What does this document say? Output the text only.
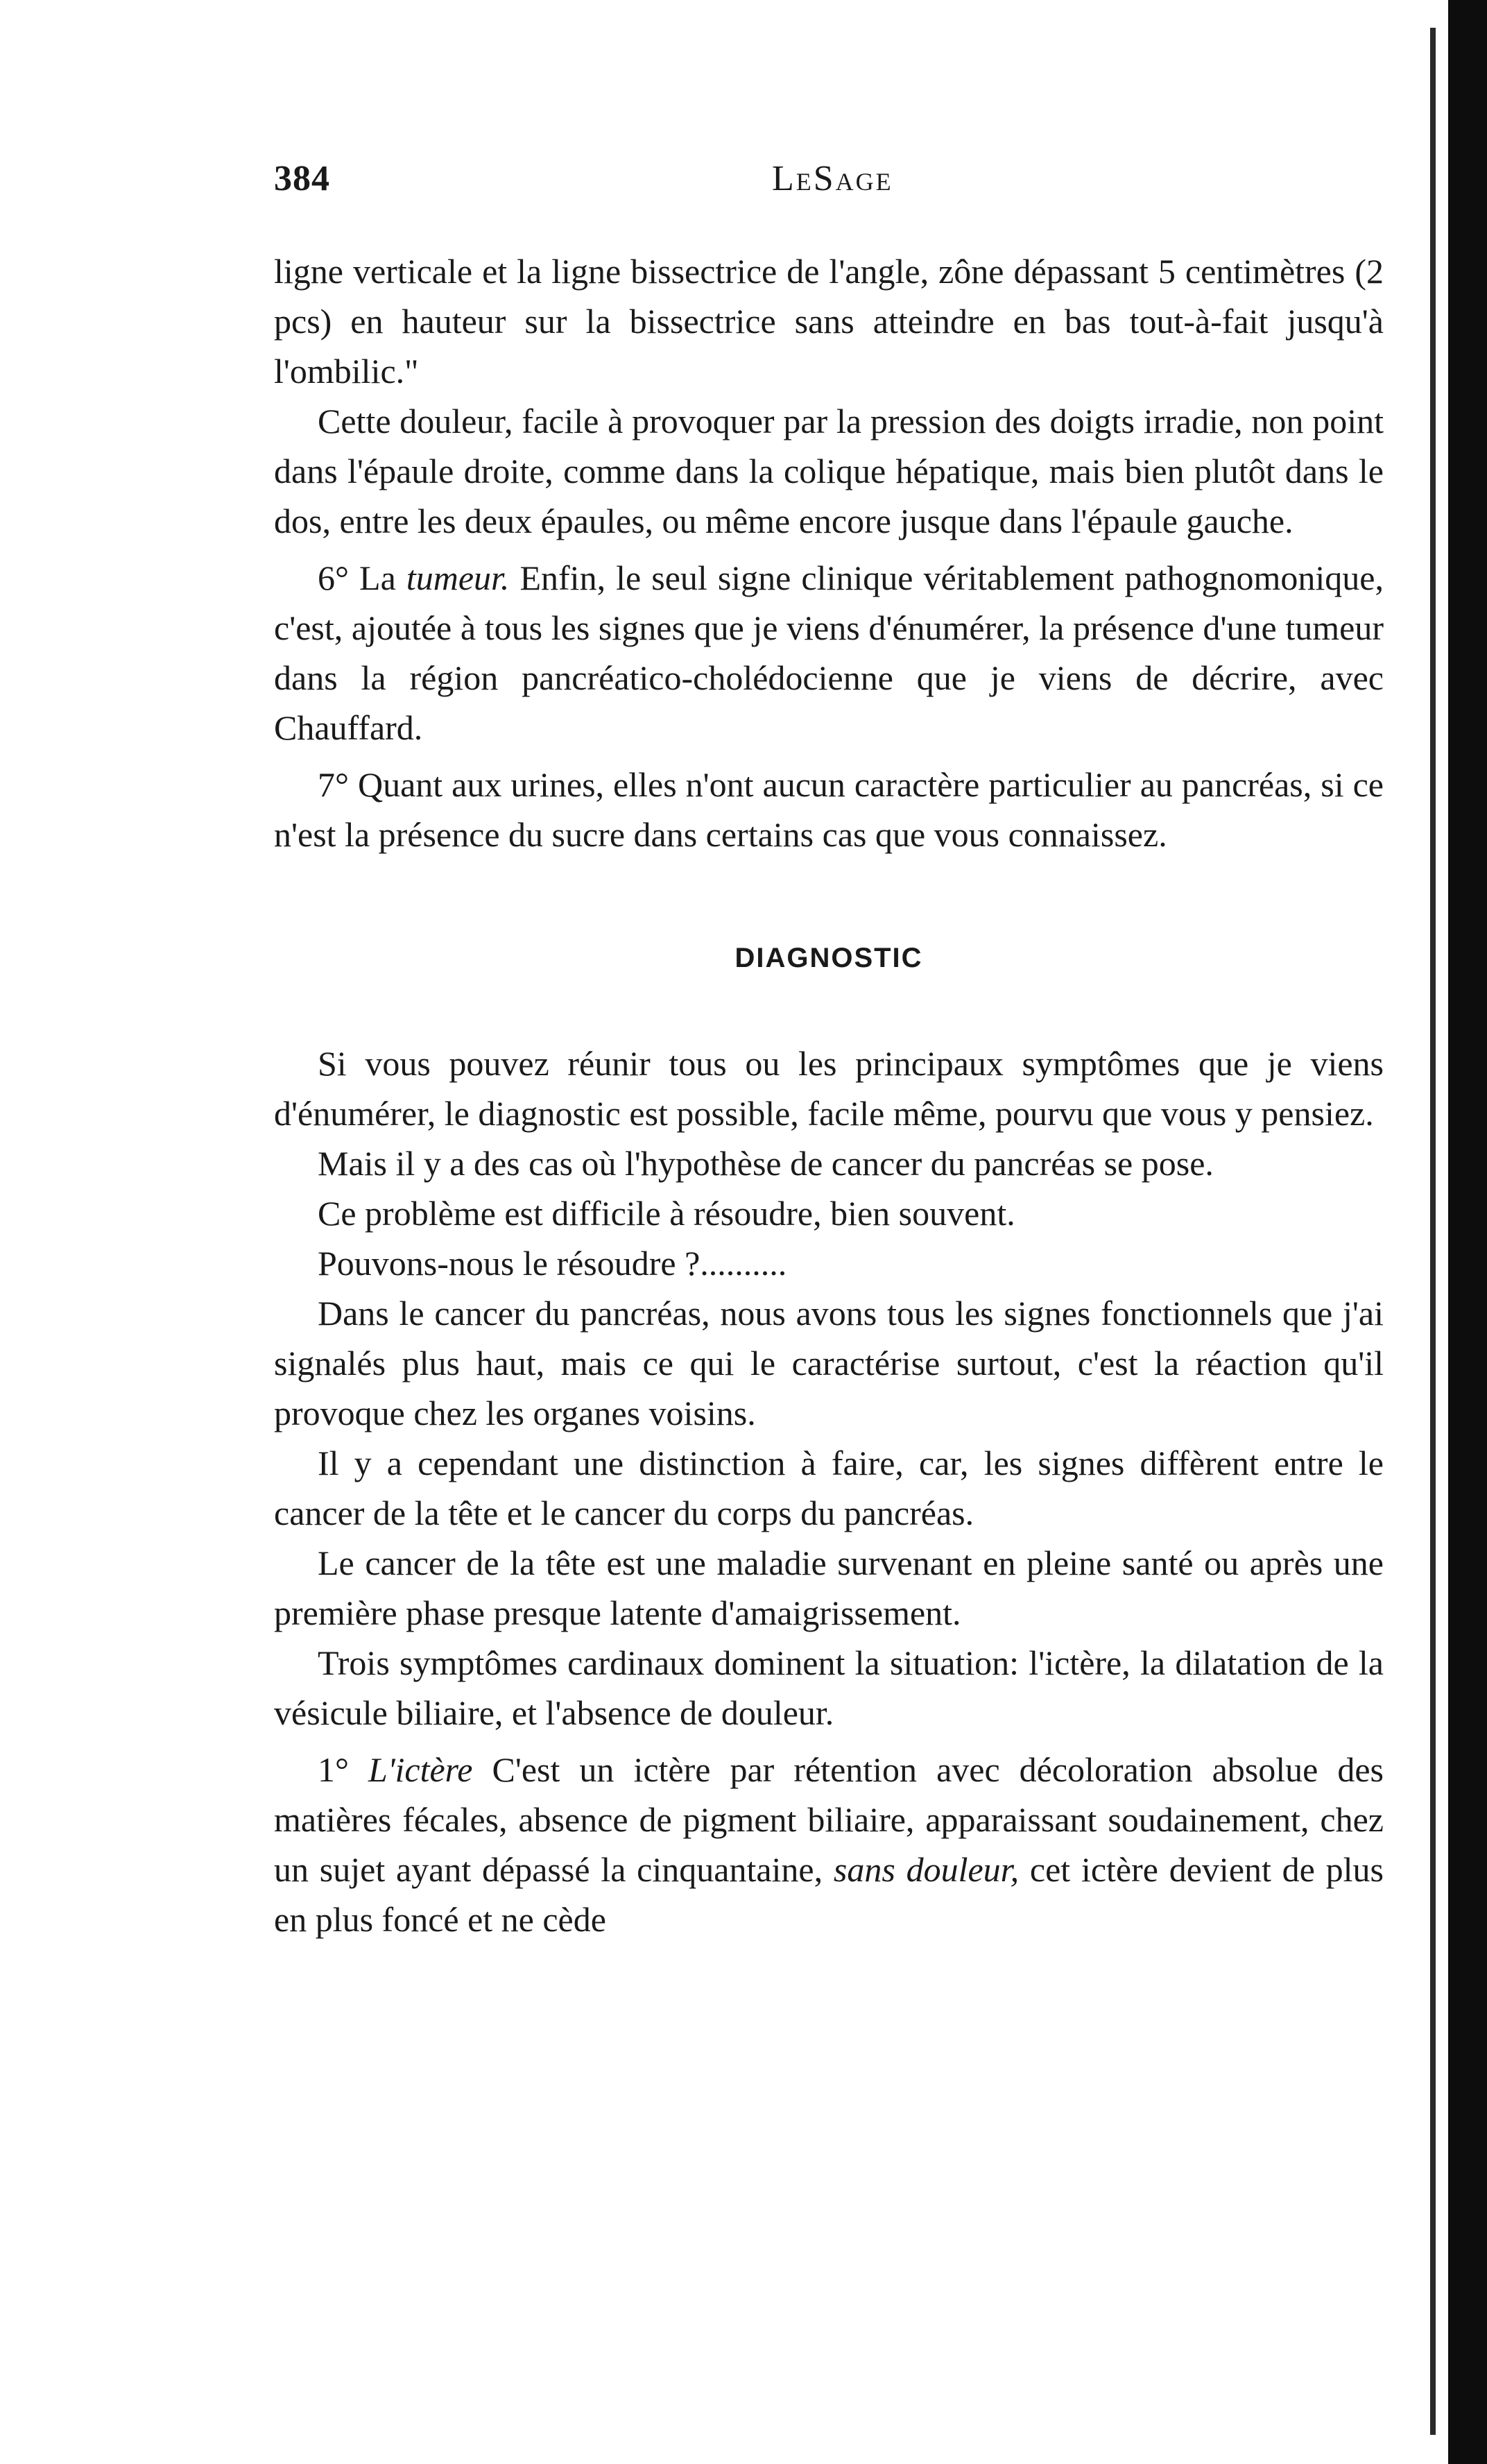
384	LeSage

ligne verticale et la ligne bissectrice de l'angle, zône dépassant 5 centimètres (2 pcs) en hauteur sur la bissectrice sans atteindre en bas tout-à-fait jusqu'à l'ombilic."

Cette douleur, facile à provoquer par la pression des doigts irradie, non point dans l'épaule droite, comme dans la colique hépatique, mais bien plutôt dans le dos, entre les deux épaules, ou même encore jusque dans l'épaule gauche.

6° La tumeur. Enfin, le seul signe clinique véritablement pathognomonique, c'est, ajoutée à tous les signes que je viens d'énumérer, la présence d'une tumeur dans la région pancréatico-cholédocienne que je viens de décrire, avec Chauffard.

7° Quant aux urines, elles n'ont aucun caractère particulier au pancréas, si ce n'est la présence du sucre dans certains cas que vous connaissez.

DIAGNOSTIC

Si vous pouvez réunir tous ou les principaux symptômes que je viens d'énumérer, le diagnostic est possible, facile même, pourvu que vous y pensiez.

Mais il y a des cas où l'hypothèse de cancer du pancréas se pose.

Ce problème est difficile à résoudre, bien souvent.

Pouvons-nous le résoudre ?..........

Dans le cancer du pancréas, nous avons tous les signes fonctionnels que j'ai signalés plus haut, mais ce qui le caractérise surtout, c'est la réaction qu'il provoque chez les organes voisins.

Il y a cependant une distinction à faire, car, les signes diffèrent entre le cancer de la tête et le cancer du corps du pancréas.

Le cancer de la tête est une maladie survenant en pleine santé ou après une première phase presque latente d'amaigrissement.

Trois symptômes cardinaux dominent la situation: l'ictère, la dilatation de la vésicule biliaire, et l'absence de douleur.

1° L'ictère C'est un ictère par rétention avec décoloration absolue des matières fécales, absence de pigment biliaire, apparaissant soudainement, chez un sujet ayant dépassé la cinquantaine, sans douleur, cet ictère devient de plus en plus foncé et ne cède
